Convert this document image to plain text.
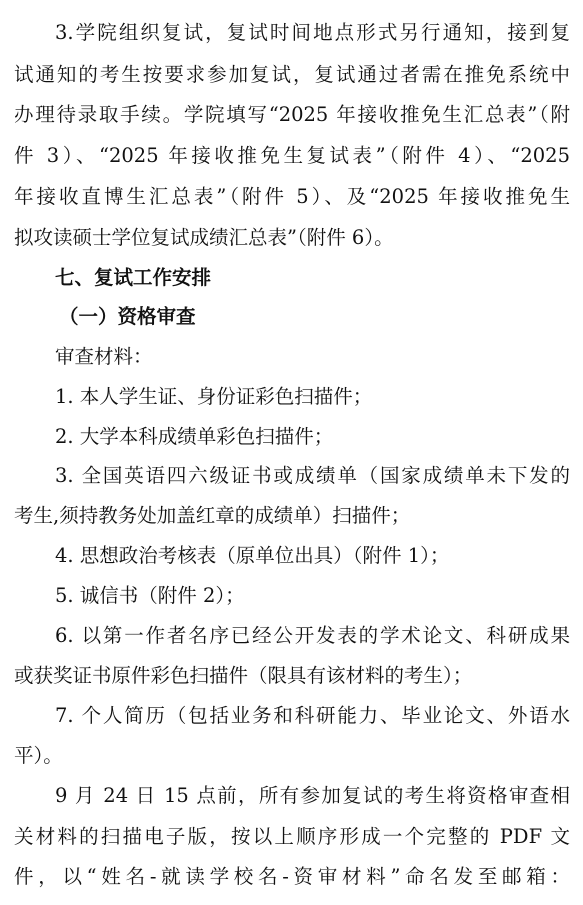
3.学院组织复试，复试时间地点形式另行通知，接到复
试通知的考生按要求参加复试，复试通过者需在推免系统中
办理待录取手续。学院填写“2025 年接收推免生汇总表”（附
件 3）、“2025 年接收推免生复试表”（附件 4）、“2025
年接收直博生汇总表”（附件 5）、及“2025 年接收推免生
拟攻读硕士学位复试成绩汇总表”（附件 6）。
七、复试工作安排
（一）资格审查
审查材料：
1. 本人学生证、身份证彩色扫描件；
2. 大学本科成绩单彩色扫描件；
3. 全国英语四六级证书或成绩单（国家成绩单未下发的
考生,须持教务处加盖红章的成绩单）扫描件；
4. 思想政治考核表（原单位出具）（附件 1）；
5. 诚信书（附件 2）；
6. 以第一作者名序已经公开发表的学术论文、科研成果
或获奖证书原件彩色扫描件（限具有该材料的考生）；
7. 个人简历（包括业务和科研能力、毕业论文、外语水
平）。
9 月 24 日 15 点前，所有参加复试的考生将资格审查相
关材料的扫描电子版，按以上顺序形成一个完整的 PDF 文
件，以“姓名-就读学校名-资审材料”命名发至邮箱：
